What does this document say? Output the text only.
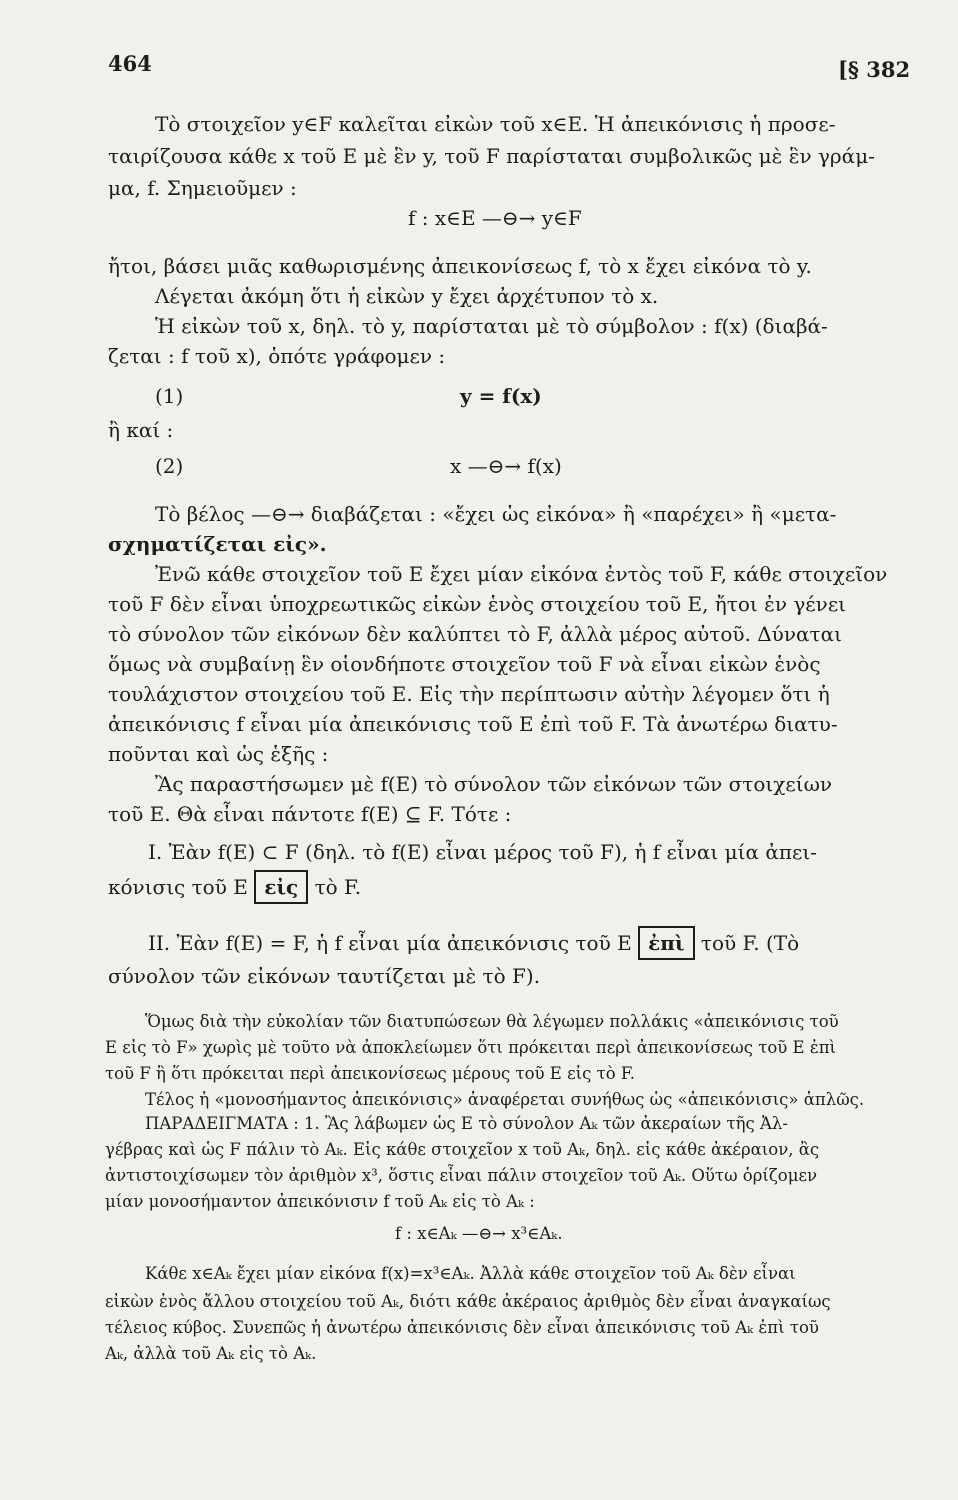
464	[§ 382
Τὸ στοιχεῖον y∈F καλεῖται εἰκὼν τοῦ x∈E. Ἡ ἀπεικόνισις ἡ προσε-
ταιρίζουσα κάθε x τοῦ E μὲ ἓν y, τοῦ F παρίσταται συμβολικῶς μὲ ἓν γράμ-
μα, f. Σημειοῦμεν :
f : x∈E —⊖→ y∈F
ἤτοι, βάσει μιᾶς καθωρισμένης ἀπεικονίσεως f, τὸ x ἔχει εἰκόνα τὸ y.
Λέγεται ἀκόμη ὅτι ἡ εἰκὼν y ἔχει ἀρχέτυπον τὸ x.
Ἡ εἰκὼν τοῦ x, δηλ. τὸ y, παρίσταται μὲ τὸ σύμβολον : f(x) (διαβά-
ζεται : f τοῦ x), ὁπότε γράφομεν :
(1)	y = f(x)
ἢ καί :
(2)	x —⊖→ f(x)
Τὸ βέλος —⊖→ διαβάζεται : «ἔχει ὡς εἰκόνα» ἢ «παρέχει» ἢ «μετα-
σχηματίζεται εἰς».
Ἐνῶ κάθε στοιχεῖον τοῦ E ἔχει μίαν εἰκόνα ἐντὸς τοῦ F, κάθε στοιχεῖον
τοῦ F δὲν εἶναι ὑποχρεωτικῶς εἰκὼν ἑνὸς στοιχείου τοῦ E, ἤτοι ἐν γένει
τὸ σύνολον τῶν εἰκόνων δὲν καλύπτει τὸ F, ἀλλὰ μέρος αὐτοῦ. Δύναται
ὅμως νὰ συμβαίνῃ ἓν οἱονδήποτε στοιχεῖον τοῦ F νὰ εἶναι εἰκὼν ἑνὸς
τουλάχιστον στοιχείου τοῦ E. Εἰς τὴν περίπτωσιν αὐτὴν λέγομεν ὅτι ἡ
ἀπεικόνισις f εἶναι μία ἀπεικόνισις τοῦ E ἐπὶ τοῦ F. Τὰ ἀνωτέρω διατυ-
ποῦνται καὶ ὡς ἑξῆς :
Ἂς παραστήσωμεν μὲ f(E) τὸ σύνολον τῶν εἰκόνων τῶν στοιχείων
τοῦ E. Θὰ εἶναι πάντοτε f(E) ⊆ F. Τότε :
I. Ἐὰν f(E) ⊂ F (δηλ. τὸ f(E) εἶναι μέρος τοῦ F), ἡ f εἶναι μία ἀπει-
κόνισις τοῦ E εἰς τὸ F.
II. Ἐὰν f(E) = F, ἡ f εἶναι μία ἀπεικόνισις τοῦ E ἐπὶ τοῦ F. (Τὸ
σύνολον τῶν εἰκόνων ταυτίζεται μὲ τὸ F).
Ὅμως διὰ τὴν εὐκολίαν τῶν διατυπώσεων θὰ λέγωμεν πολλάκις «ἀπεικόνισις τοῦ
E εἰς τὸ F» χωρὶς μὲ τοῦτο νὰ ἀποκλείωμεν ὅτι πρόκειται περὶ ἀπεικονίσεως τοῦ E ἐπὶ
τοῦ F ἢ ὅτι πρόκειται περὶ ἀπεικονίσεως μέρους τοῦ E εἰς τὸ F.
Τέλος ἡ «μονοσήμαντος ἀπεικόνισις» ἀναφέρεται συνήθως ὡς «ἀπεικόνισις» ἁπλῶς.
ΠΑΡΑΔΕΙΓΜΑΤΑ : 1. Ἂς λάβωμεν ὡς E τὸ σύνολον Aₖ τῶν ἀκεραίων τῆς Ἀλ-
γέβρας καὶ ὡς F πάλιν τὸ Aₖ. Εἰς κάθε στοιχεῖον x τοῦ Aₖ, δηλ. εἰς κάθε ἀκέραιον, ἂς
ἀντιστοιχίσωμεν τὸν ἀριθμὸν x³, ὅστις εἶναι πάλιν στοιχεῖον τοῦ Aₖ. Οὕτω ὁρίζομεν
μίαν μονοσήμαντον ἀπεικόνισιν f τοῦ Aₖ εἰς τὸ Aₖ :
f : x∈Aₖ —⊖→ x³∈Aₖ.
Κάθε x∈Aₖ ἔχει μίαν εἰκόνα f(x)=x³∈Aₖ. Ἀλλὰ κάθε στοιχεῖον τοῦ Aₖ δὲν εἶναι
εἰκὼν ἑνὸς ἄλλου στοιχείου τοῦ Aₖ, διότι κάθε ἀκέραιος ἀριθμὸς δὲν εἶναι ἀναγκαίως
τέλειος κύβος. Συνεπῶς ἡ ἀνωτέρω ἀπεικόνισις δὲν εἶναι ἀπεικόνισις τοῦ Aₖ ἐπὶ τοῦ
Aₖ, ἀλλὰ τοῦ Aₖ εἰς τὸ Aₖ.
